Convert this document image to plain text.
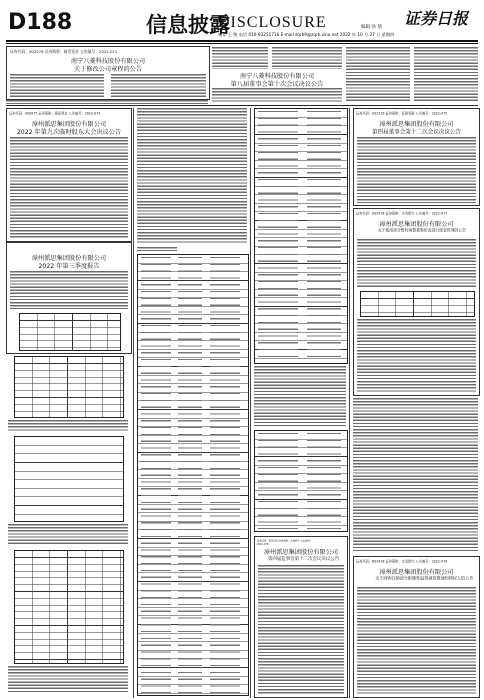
D188	信息披露
DISCLOSURE	证券日报
编辑 孙 倩
制作 王 敬 电话 010-83251716 E-mail zqrb9@zqrb.sina.net 2022 年 10 月 27 日 星期四
证券代码：002578 证券简称：闽发铝业 公告编号：2022-071
南宁八菱科技股份有限公司
关于修改公司章程的公告
南宁八菱科技股份有限公司
第八届董事会第十次会议决议公告
证券代码：000975 证券简称：银泰黄金 公告编号：2022-074
漳州派思集团股份有限公司
2022 年第九次临时股东大会决议公告
漳州派思集团股份有限公司
2022 年第三季度报告
证券代码：603318 证券简称：水发燃气 公告编号：2022-078
漳州派思集团股份有限公司
第四届监事会第十二次会议决议公告
证券代码：002316 证券简称：亚联发展 公告编号：2022-075
漳州派思集团股份有限公司
第四届董事会第十二次会议决议公告
证券代码：603318 证券简称：水发燃气 公告编号：2022-077
漳州派思集团股份有限公司
关于使用部分暂时闲置募集资金进行现金管理的公告
证券代码：603318 证券简称：水发燃气 公告编号：2022-079
漳州派思集团股份有限公司
关于回购注销部分限制性股票减资暨通知债权人的公告
